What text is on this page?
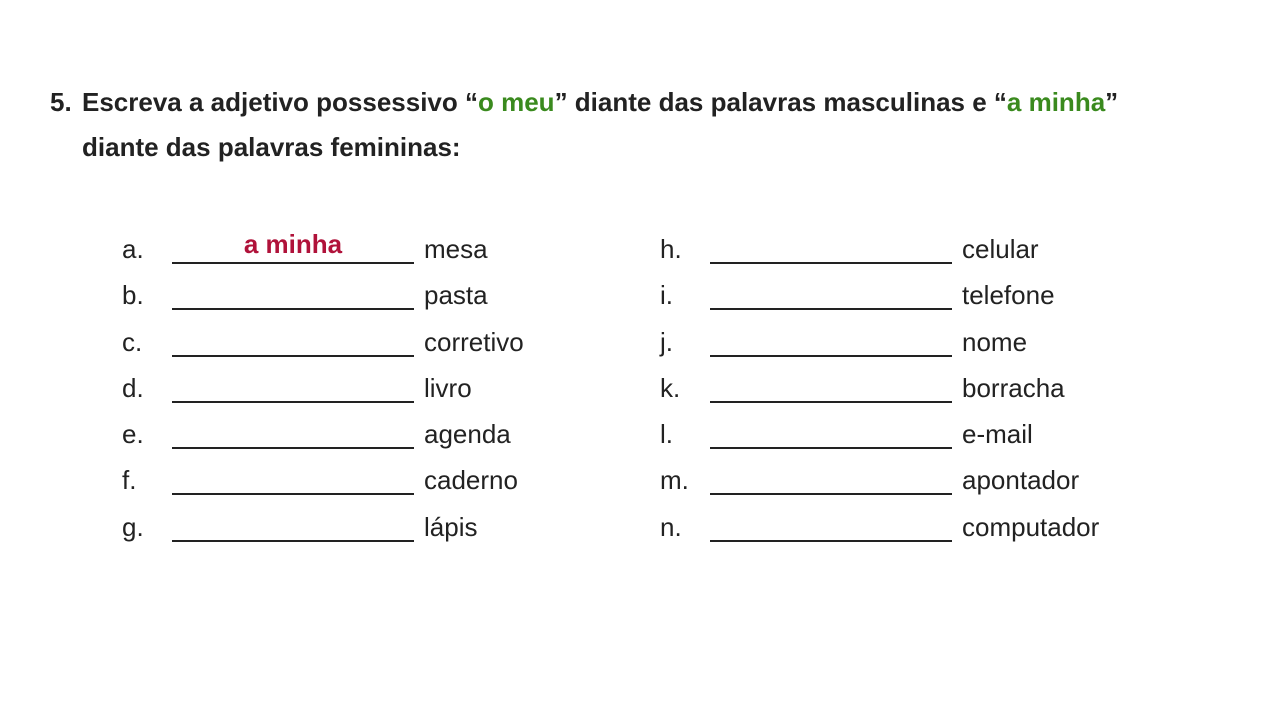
5. Escreva a adjetivo possessivo “o meu” diante das palavras masculinas e “a minha”
diante das palavras femininas:
a.	a minha	mesa
b.	pasta
c.	corretivo
d.	livro
e.	agenda
f.	caderno
g.	lápis
h.	celular
i.	telefone
j.	nome
k.	borracha
l.	e-mail
m.	apontador
n.	computador
